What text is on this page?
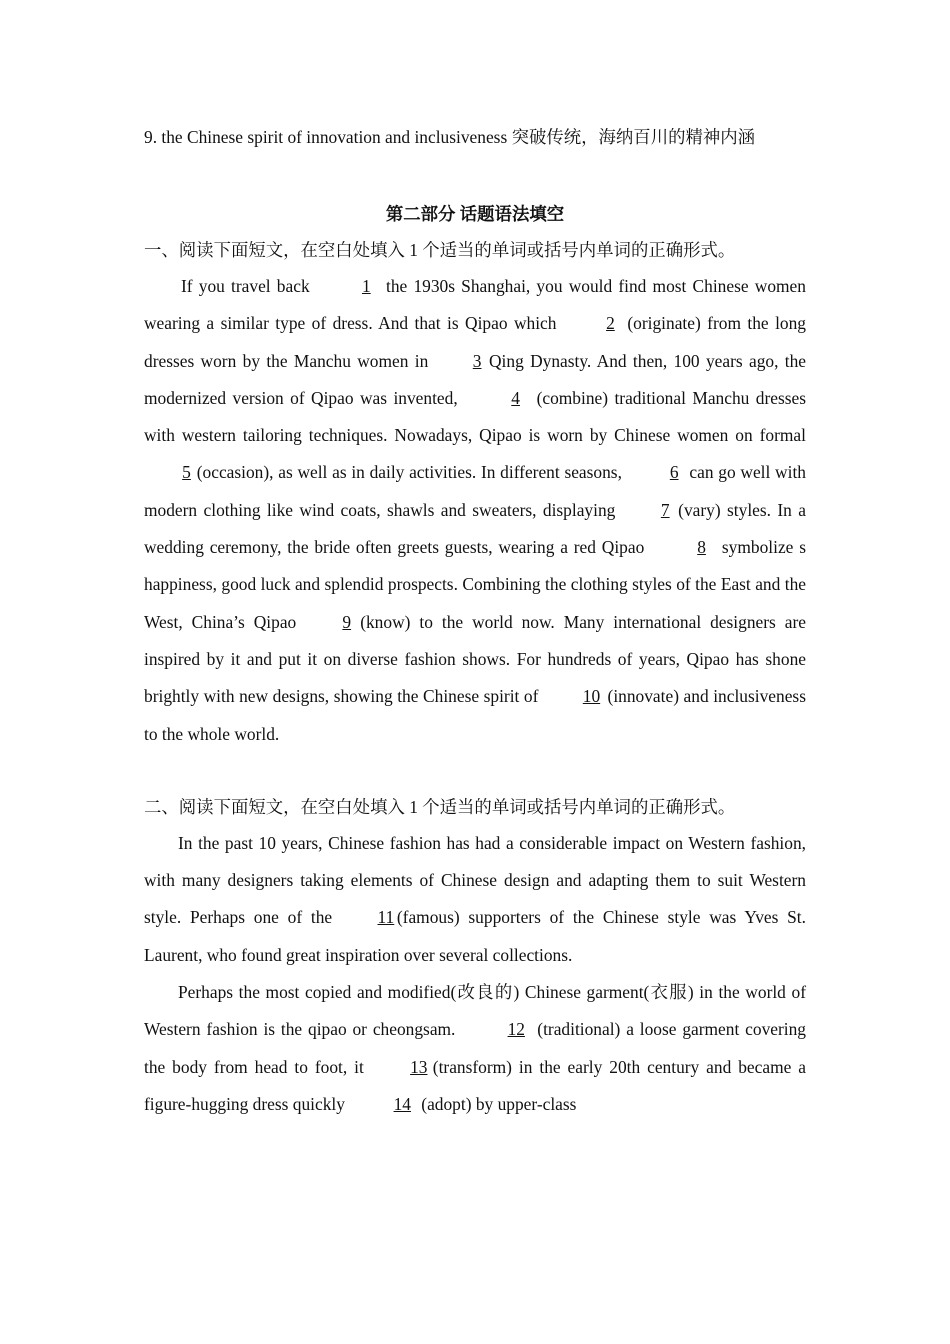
9. the Chinese spirit of innovation and inclusiveness 突破传统，海纳百川的精神内涵

第二部分 话题语法填空

一、阅读下面短文，在空白处填入 1 个适当的单词或括号内单词的正确形式。

If you travel back	1 the 1930s Shanghai, you would find most Chinese women wearing a similar type of dress. And that is Qipao which	2 (originate) from the long dresses worn by the Manchu women in	3 Qing Dynasty. And then, 100 years ago, the modernized version of Qipao was invented,	4 (combine) traditional Manchu dresses with western tailoring techniques. Nowadays, Qipao is worn by Chinese women on formal 5 (occasion), as well as in daily activities. In different seasons,	6 can go well with modern clothing like wind coats, shawls and sweaters, displaying	7 (vary) styles. In a wedding ceremony, the bride often greets guests, wearing a red Qipao	8 symbolize s happiness, good luck and splendid prospects. Combining the clothing styles of the East and the West, China’s Qipao	9 (know) to the world now. Many international designers are inspired by it and put it on diverse fashion shows. For hundreds of years, Qipao has shone brightly with new designs, showing the Chinese spirit of	10 (innovate) and inclusiveness to the whole world.

二、阅读下面短文，在空白处填入 1 个适当的单词或括号内单词的正确形式。

In the past 10 years, Chinese fashion has had a considerable impact on Western fashion, with many designers taking elements of Chinese design and adapting them to suit Western style. Perhaps one of the	11 (famous) supporters of the Chinese style was Yves St. Laurent, who found great inspiration over several collections.

Perhaps the most copied and modified(改良的) Chinese garment(衣服) in the world of Western fashion is the qipao or cheongsam.	12 (traditional) a loose garment covering the body from head to foot, it	13 (transform) in the early 20th century and became a figure-hugging dress quickly	14 (adopt) by upper-class
